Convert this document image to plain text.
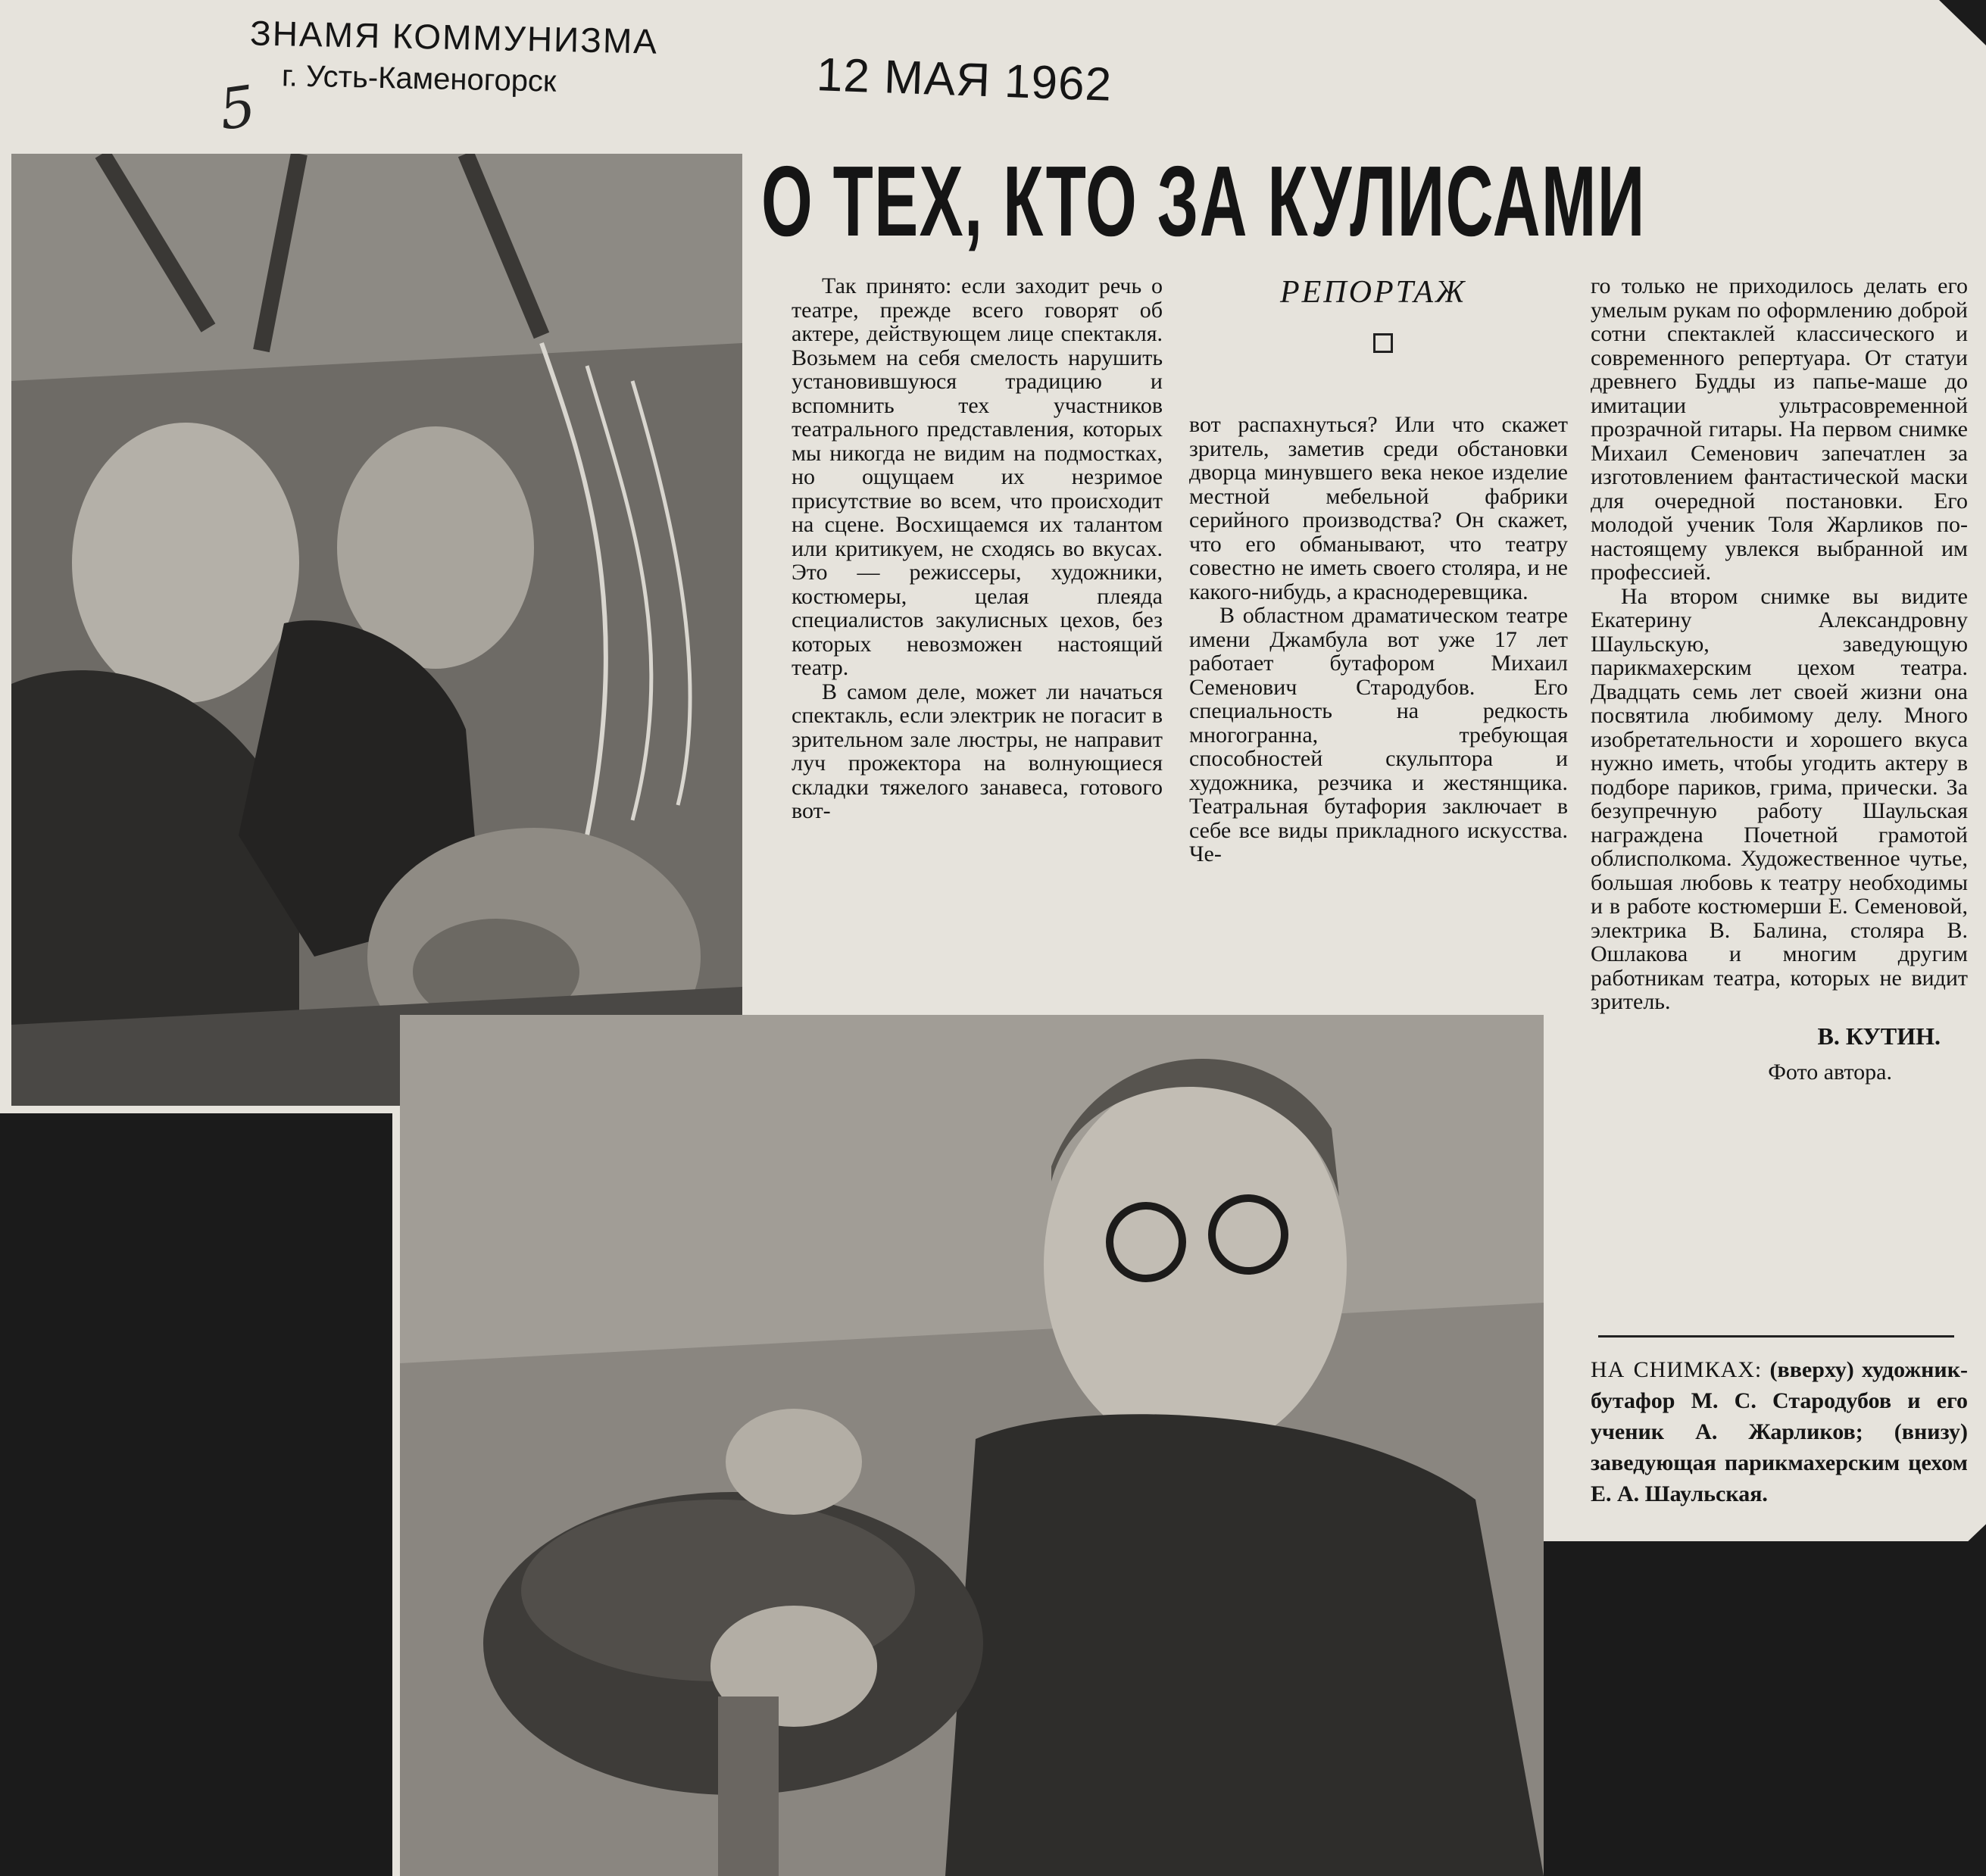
ЗНАМЯ КОММУНИЗМА
г. Усть-Каменогорск
5	12 МАЯ 1962
О ТЕХ, КТО ЗА КУЛИСАМИ
РЕПОРТАЖ

Так принято: если заходит речь о театре, прежде всего говорят об актере, действующем лице спектакля. Возьмем на себя смелость нарушить установившуюся традицию и вспомнить тех участников театрального представления, которых мы никогда не видим на подмостках, но ощущаем их незримое присутствие во всем, что происходит на сцене. Восхищаемся их талантом или критикуем, не сходясь во вкусах. Это — режиссеры, художники, костюмеры, целая плеяда специалистов закулисных цехов, без которых невозможен настоящий театр.

В самом деле, может ли начаться спектакль, если электрик не погасит в зрительном зале люстры, не направит луч прожектора на волнующиеся складки тяжелого занавеса, готового вот-

вот распахнуться? Или что скажет зритель, заметив среди обстановки дворца минувшего века некое изделие местной мебельной фабрики серийного производства? Он скажет, что его обманывают, что театру совестно не иметь своего столяра, и не какого-нибудь, а краснодеревщика.

В областном драматическом театре имени Джамбула вот уже 17 лет работает бутафором Михаил Семенович Стародубов. Его специальность на редкость многогранна, требующая способностей скульптора и художника, резчика и жестянщика. Театральная бутафория заключает в себе все виды прикладного искусства. Че-

го только не приходилось делать его умелым рукам по оформлению доброй сотни спектаклей классического и современного репертуара. От статуи древнего Будды из папье-маше до имитации ультрасовременной прозрачной гитары. На первом снимке Михаил Семенович запечатлен за изготовлением фантастической маски для очередной постановки. Его молодой ученик Толя Жарликов по-настоящему увлекся выбранной им профессией.

На втором снимке вы видите Екатерину Александровну Шаульскую, заведующую парикмахерским цехом театра. Двадцать семь лет своей жизни она посвятила любимому делу. Много изобретательности и хорошего вкуса нужно иметь, чтобы угодить актеру в подборе париков, грима, прически. За безупречную работу Шаульская награждена Почетной грамотой облисполкома. Художественное чутье, большая любовь к театру необходимы и в работе костюмерши Е. Семеновой, электрика В. Балина, столяра В. Ошлакова и многим другим работникам театра, которых не видит зритель.

В. КУТИН.
Фото автора.
НА СНИМКАХ: (вверху) художник-бутафор М. С. Стародубов и его ученик А. Жарликов; (внизу) заведующая парикмахерским цехом Е. А. Шаульская.
